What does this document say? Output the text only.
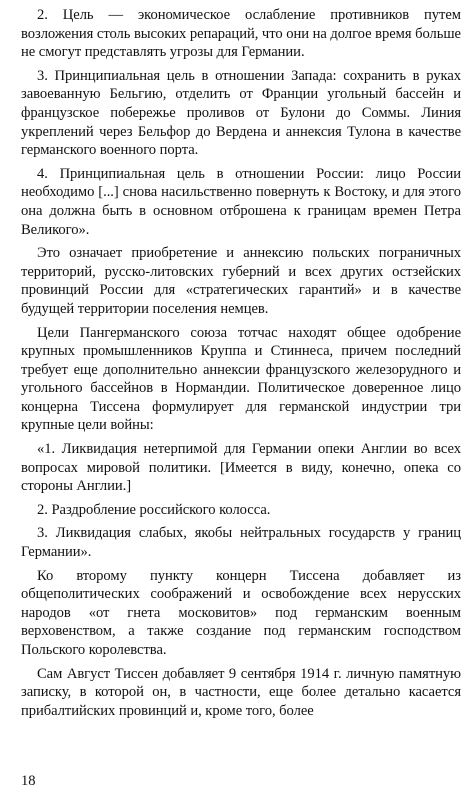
2. Цель — экономическое ослабление противников путем возложения столь высоких репараций, что они на долгое время больше не смогут представлять угрозы для Германии.

3. Принципиальная цель в отношении Запада: сохранить в руках завоеванную Бельгию, отделить от Франции угольный бассейн и французское побережье проливов от Булони до Соммы. Линия укреплений через Бельфор до Вердена и аннексия Тулона в качестве германского военного порта.

4. Принципиальная цель в отношении России: лицо России необходимо [...] снова насильственно повернуть к Востоку, и для этого она должна быть в основном отброшена к границам времен Петра Великого».

Это означает приобретение и аннексию польских пограничных территорий, русско-литовских губерний и всех других остзейских провинций России для «стратегических гарантий» и в качестве будущей территории поселения немцев.

Цели Пангерманского союза тотчас находят общее одобрение крупных промышленников Круппа и Стиннеса, причем последний требует еще дополнительно аннексии французского железорудного и угольного бассейнов в Нормандии. Политическое доверенное лицо концерна Тиссена формулирует для германской индустрии три крупные цели войны:

«1. Ликвидация нетерпимой для Германии опеки Англии во всех вопросах мировой политики. [Имеется в виду, конечно, опека со стороны Англии.]

2. Раздробление российского колосса.

3. Ликвидация слабых, якобы нейтральных государств у границ Германии».

Ко второму пункту концерн Тиссена добавляет из общеполитических соображений и освобождение всех нерусских народов «от гнета московитов» под германским военным верховенством, а также создание под германским господством Польского королевства.

Сам Август Тиссен добавляет 9 сентября 1914 г. личную памятную записку, в которой он, в частности, еще более детально касается прибалтийских провинций и, кроме того, более

18
